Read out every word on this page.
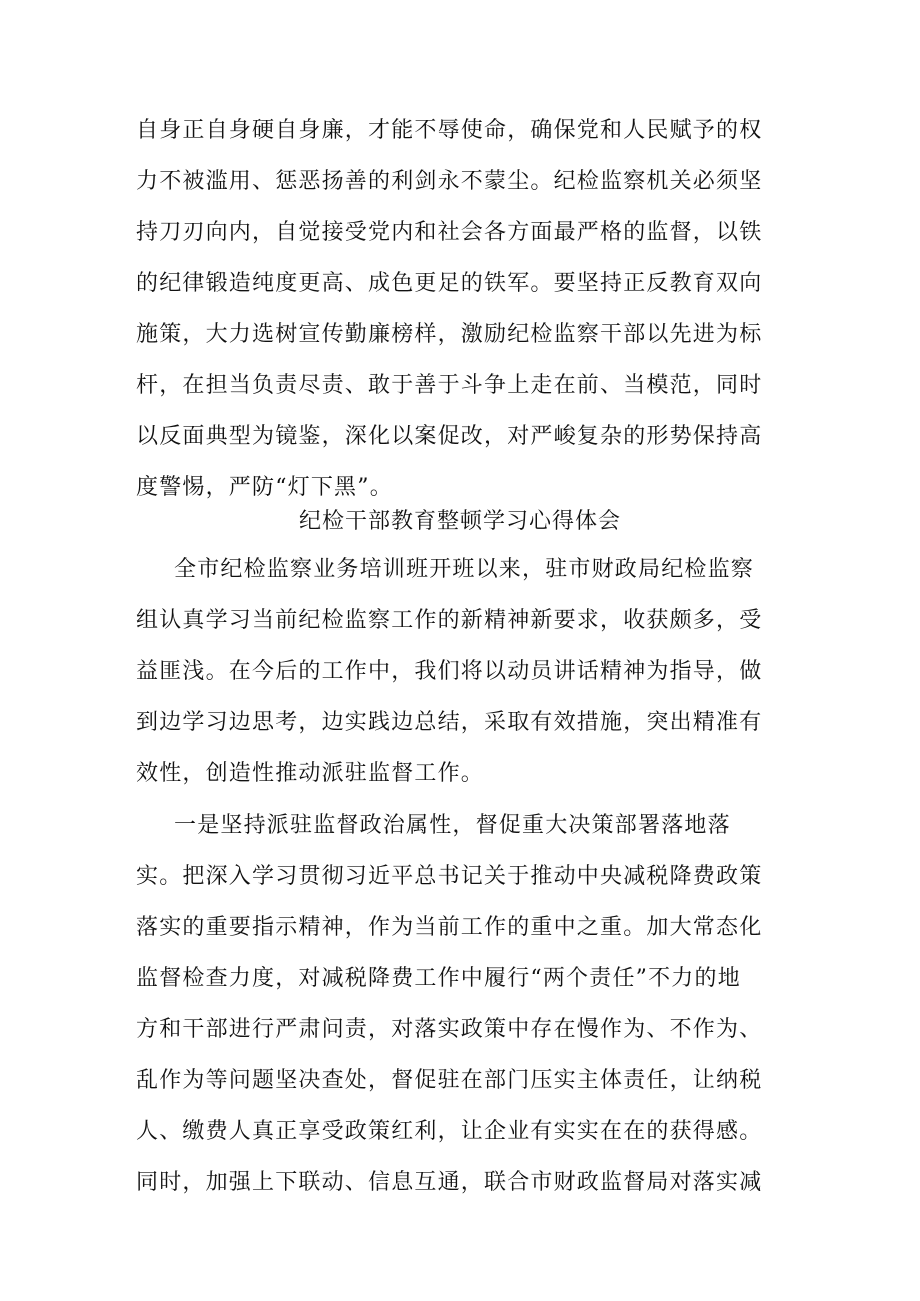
自身正自身硬自身廉，才能不辱使命，确保党和人民赋予的权
力不被滥用、惩恶扬善的利剑永不蒙尘。纪检监察机关必须坚
持刀刃向内，自觉接受党内和社会各方面最严格的监督，以铁
的纪律锻造纯度更高、成色更足的铁军。要坚持正反教育双向
施策，大力选树宣传勤廉榜样，激励纪检监察干部以先进为标
杆，在担当负责尽责、敢于善于斗争上走在前、当模范，同时
以反面典型为镜鉴，深化以案促改，对严峻复杂的形势保持高
度警惕，严防“灯下黑”。
纪检干部教育整顿学习心得体会
全市纪检监察业务培训班开班以来，驻市财政局纪检监察
组认真学习当前纪检监察工作的新精神新要求，收获颇多，受
益匪浅。在今后的工作中，我们将以动员讲话精神为指导，做
到边学习边思考，边实践边总结，采取有效措施，突出精准有
效性，创造性推动派驻监督工作。
一是坚持派驻监督政治属性，督促重大决策部署落地落
实。把深入学习贯彻习近平总书记关于推动中央减税降费政策
落实的重要指示精神，作为当前工作的重中之重。加大常态化
监督检查力度，对减税降费工作中履行“两个责任”不力的地
方和干部进行严肃问责，对落实政策中存在慢作为、不作为、
乱作为等问题坚决查处，督促驻在部门压实主体责任，让纳税
人、缴费人真正享受政策红利，让企业有实实在在的获得感。
同时，加强上下联动、信息互通，联合市财政监督局对落实减
